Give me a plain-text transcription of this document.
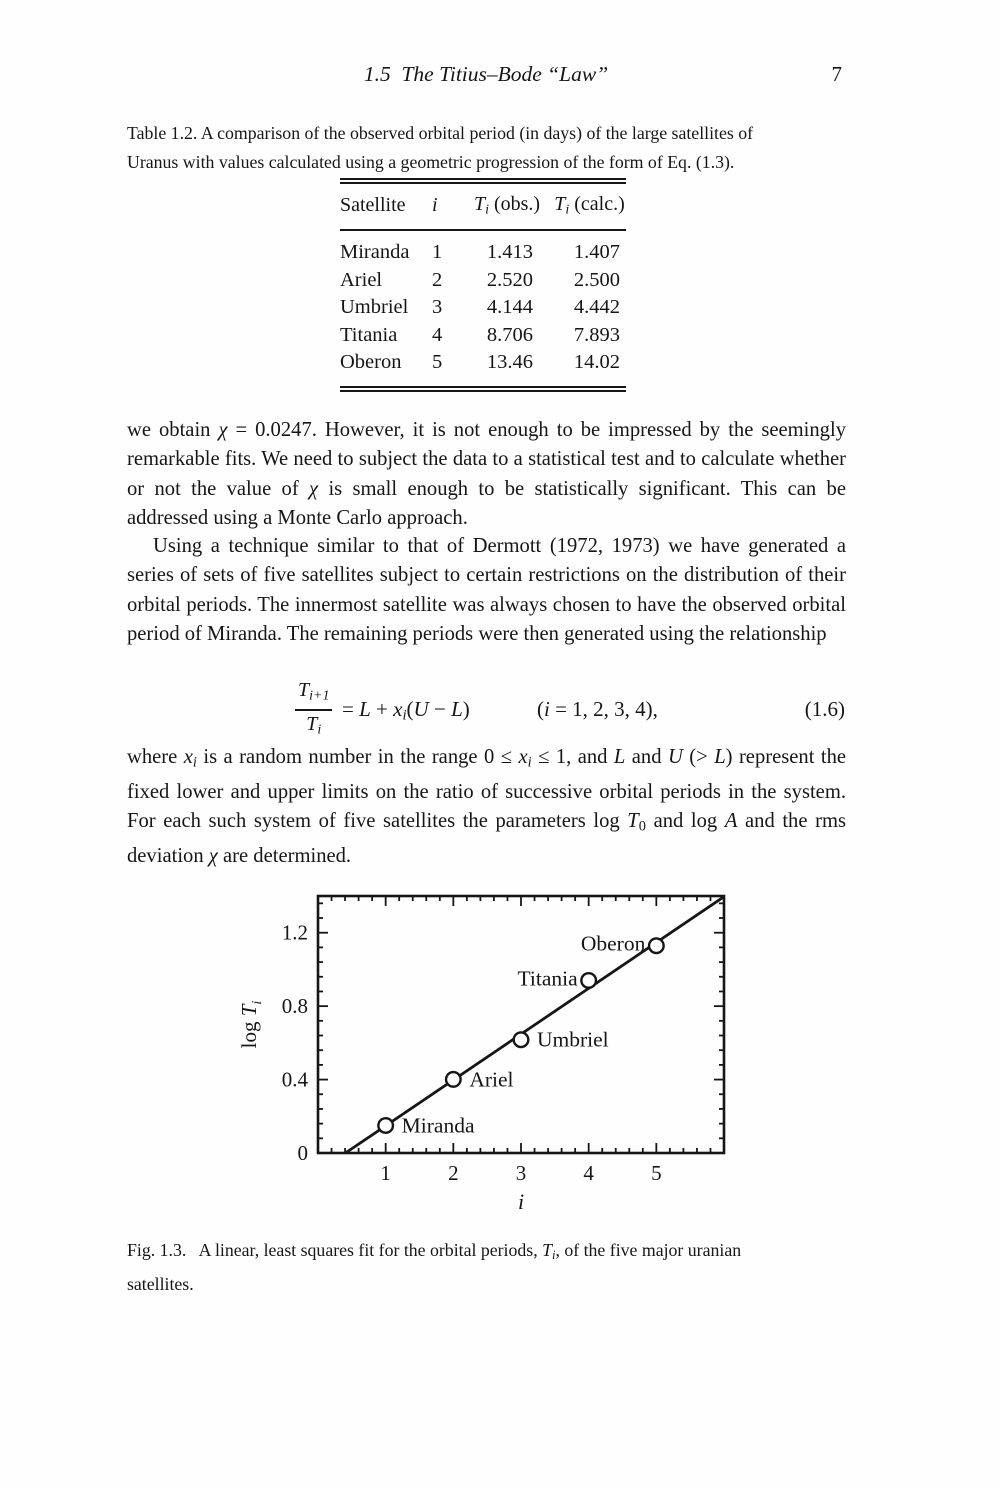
1.5  The Titius–Bode “Law”	7
Table 1.2. A comparison of the observed orbital period (in days) of the large satellites of
Uranus with values calculated using a geometric progression of the form of Eq. (1.3).
Satellite	i	Ti (obs.)	Ti (calc.)
Miranda	1	1.413	1.407
Ariel	2	2.520	2.500
Umbriel	3	4.144	4.442
Titania	4	8.706	7.893
Oberon	5	13.46	14.02
we obtain χ = 0.0247. However, it is not enough to be impressed by the seemingly remarkable fits. We need to subject the data to a statistical test and to calculate whether or not the value of χ is small enough to be statistically significant. This can be addressed using a Monte Carlo approach.
Using a technique similar to that of Dermott (1972, 1973) we have generated a series of sets of five satellites subject to certain restrictions on the distribution of their orbital periods. The innermost satellite was always chosen to have the observed orbital period of Miranda. The remaining periods were then generated using the relationship
Ti+1
Ti
= L + xi(U − L)	(i = 1, 2, 3, 4),	(1.6)
where xi is a random number in the range 0 ≤ xi ≤ 1, and L and U (> L) represent the fixed lower and upper limits on the ratio of successive orbital periods in the system. For each such system of five satellites the parameters log T0 and log A and the rms deviation χ are determined.
Miranda
Ariel
Umbriel
Titania
Oberon
1	2	3	4	5
0
0.4
0.8
1.2
i
$\log T_i$
Fig. 1.3.   A linear, least squares fit for the orbital periods, Ti, of the five major uranian
satellites.
